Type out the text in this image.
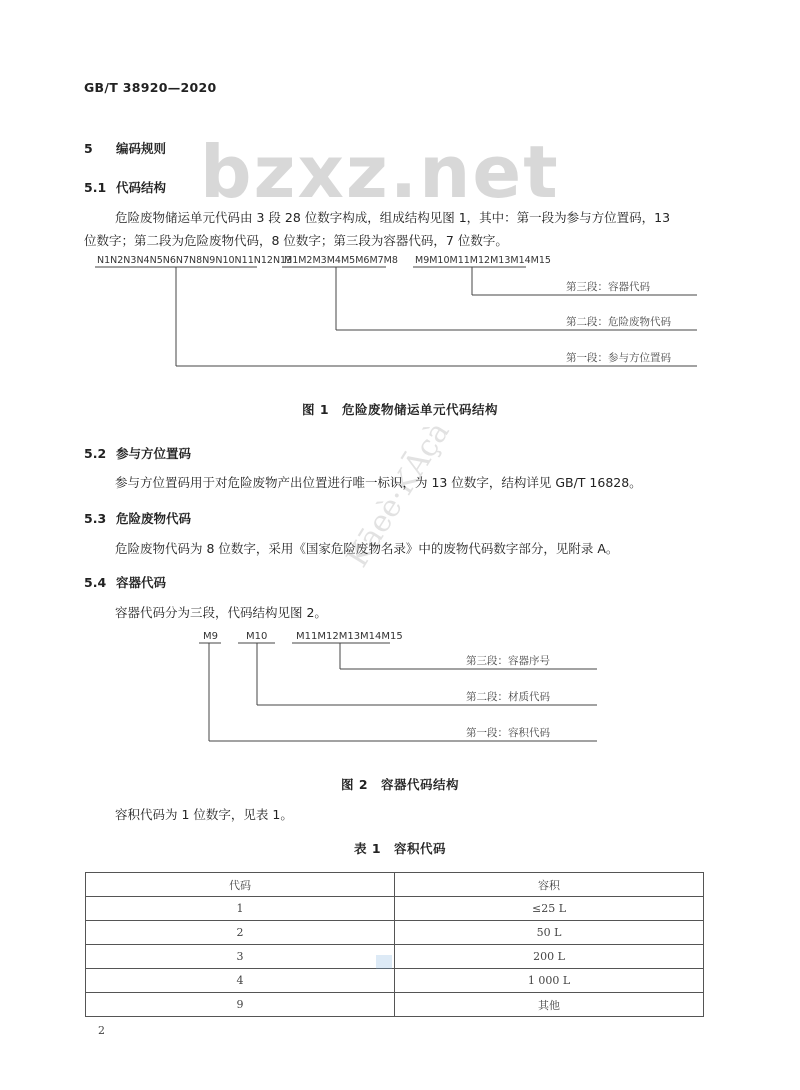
bzxz.net
Kāeè·KĀçà
GB/T 38920—2020
5 编码规则
5.1 代码结构
危险废物储运单元代码由 3 段 28 位数字构成，组成结构见图 1，其中：第一段为参与方位置码，13
位数字；第二段为危险废物代码，8 位数字；第三段为容器代码，7 位数字。
N1N2N3N4N5N6N7N8N9N10N11N12N13
M1M2M3M4M5M6M7M8 M9M10M11M12M13M14M15
第三段：容器代码
第二段：危险废物代码
第一段：参与方位置码
图 1　危险废物储运单元代码结构
5.2 参与方位置码
参与方位置码用于对危险废物产出位置进行唯一标识，为 13 位数字，结构详见 GB/T 16828。
5.3 危险废物代码
危险废物代码为 8 位数字，采用《国家危险废物名录》中的废物代码数字部分，见附录 A。
5.4 容器代码
容器代码分为三段，代码结构见图 2。
M9	M10	M11M12M13M14M15
第三段：容器序号
第二段：材质代码
第一段：容积代码
图 2　容器代码结构
容积代码为 1 位数字，见表 1。
表 1　容积代码
代码	容积
1	≤25 L
2	50 L
3	200 L
4	1 000 L
9	其他
2
